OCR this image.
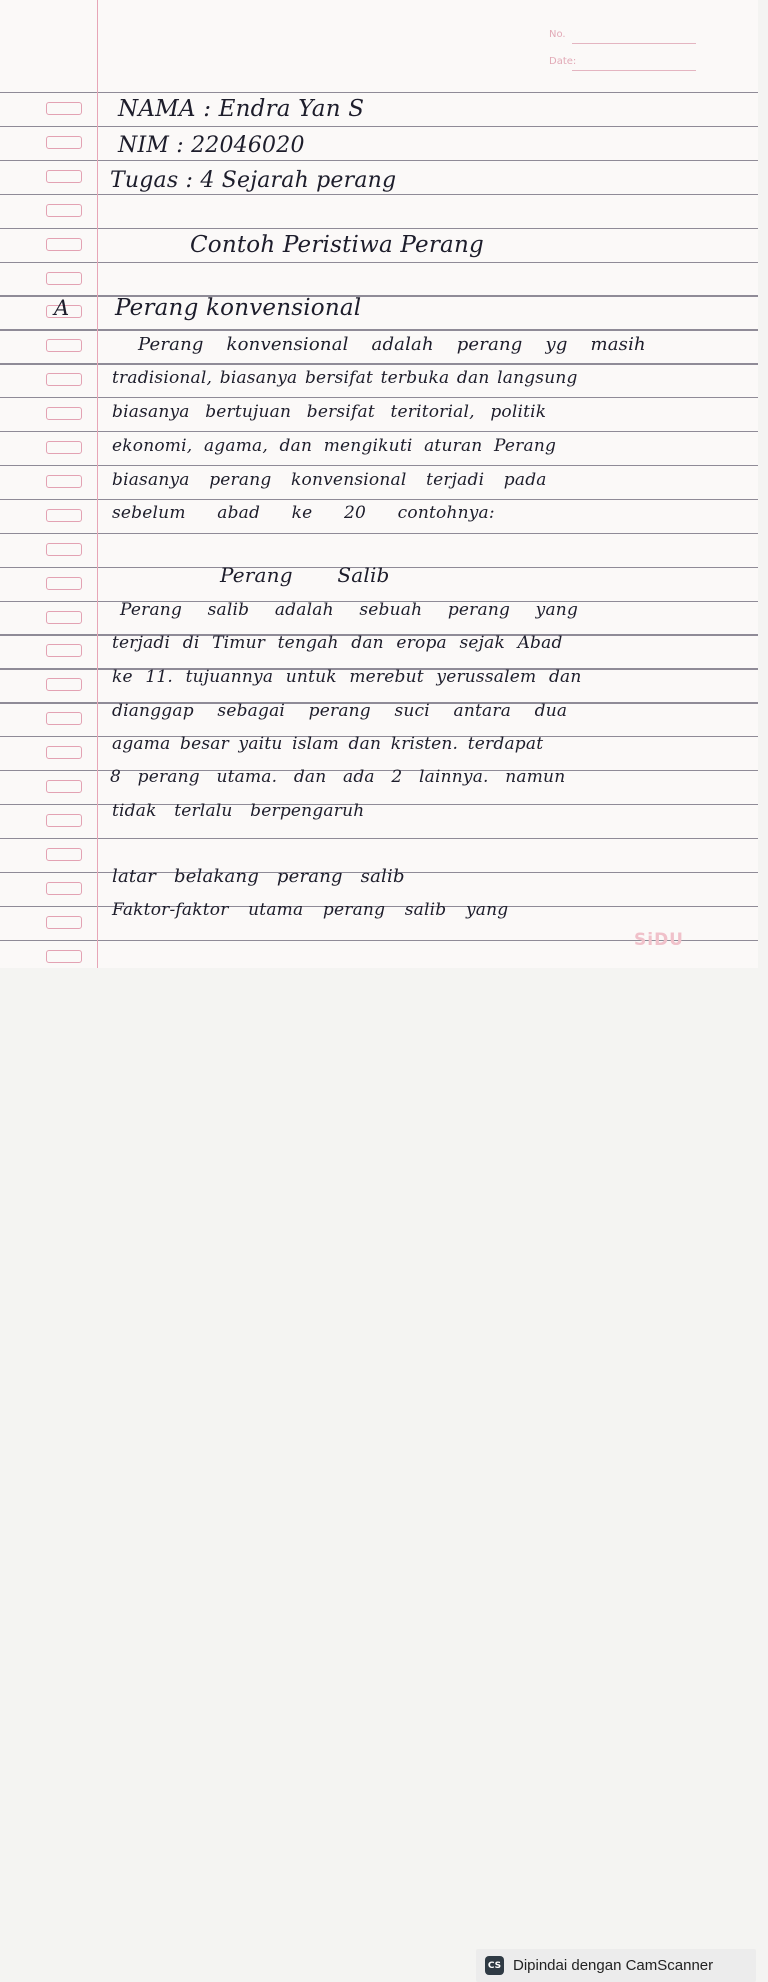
No.
Date:
A
NAMA : Endra Yan S
NIM : 22046020
Tugas : 4 Sejarah perang
Contoh Peristiwa Perang
Perang konvensional
Perang konvensional adalah perang yg masih
tradisional, biasanya bersifat terbuka dan langsung
biasanya bertujuan bersifat teritorial, politik
ekonomi, agama, dan mengikuti aturan Perang
biasanya perang konvensional terjadi pada
sebelum abad ke 20 contohnya:
Perang Salib
Perang salib adalah sebuah perang yang
terjadi di Timur tengah dan eropa sejak Abad
ke 11. tujuannya untuk merebut yerussalem dan
dianggap sebagai perang suci antara dua
agama besar yaitu islam dan kristen. terdapat
8 perang utama. dan ada 2 lainnya. namun
tidak terlalu berpengaruh
latar belakang perang salib
Faktor-faktor utama perang salib yang
SiDU
CS Dipindai dengan CamScanner
